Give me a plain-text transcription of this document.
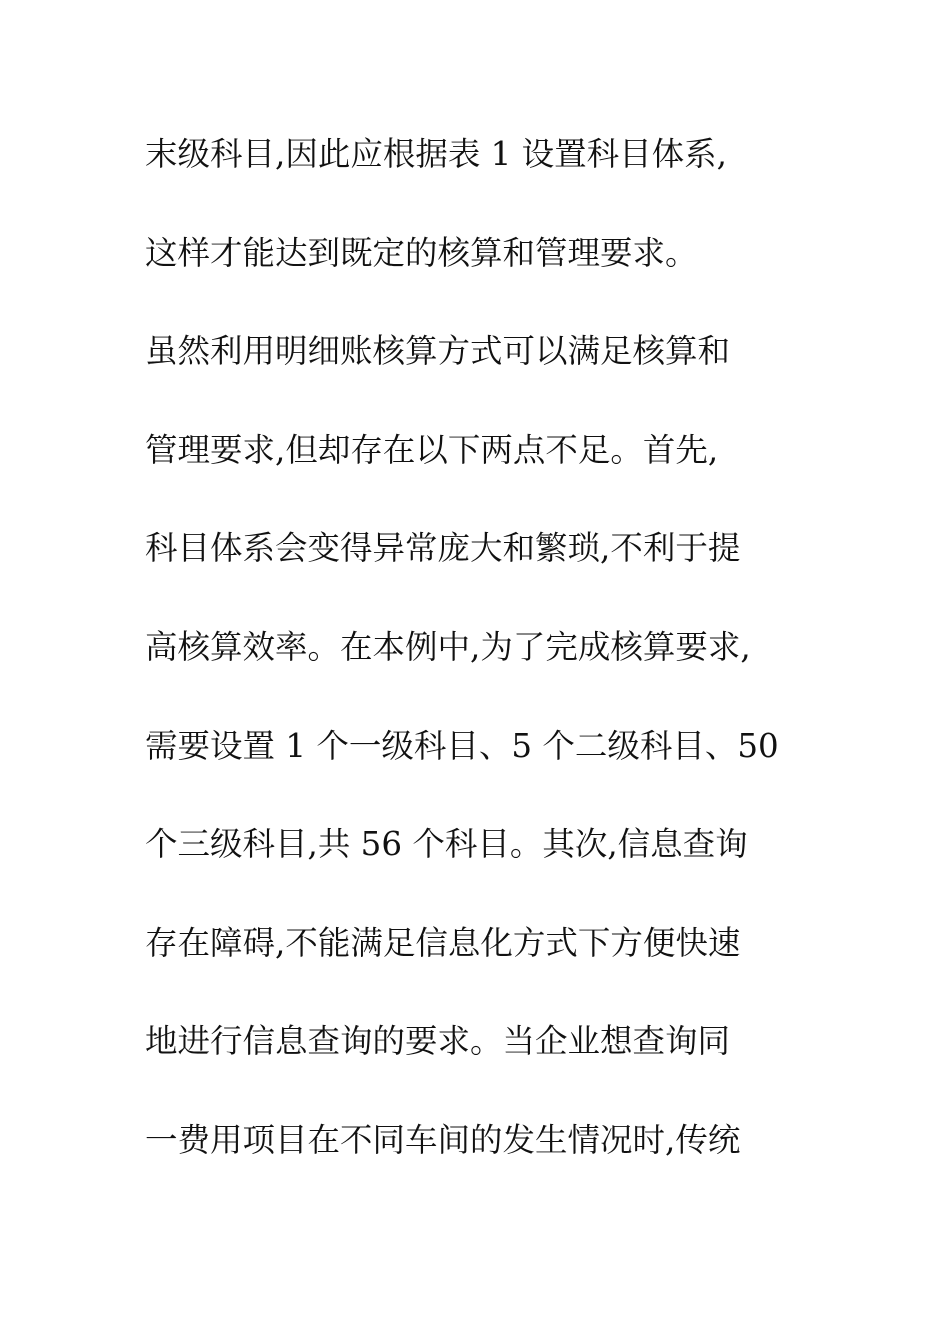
末级科目,因此应根据表 1 设置科目体系,
这样才能达到既定的核算和管理要求。
虽然利用明细账核算方式可以满足核算和
管理要求,但却存在以下两点不足。首先,
科目体系会变得异常庞大和繁琐,不利于提
高核算效率。在本例中,为了完成核算要求,
需要设置 1 个一级科目、5 个二级科目、50
个三级科目,共 56 个科目。其次,信息查询
存在障碍,不能满足信息化方式下方便快速
地进行信息查询的要求。当企业想查询同
一费用项目在不同车间的发生情况时,传统
